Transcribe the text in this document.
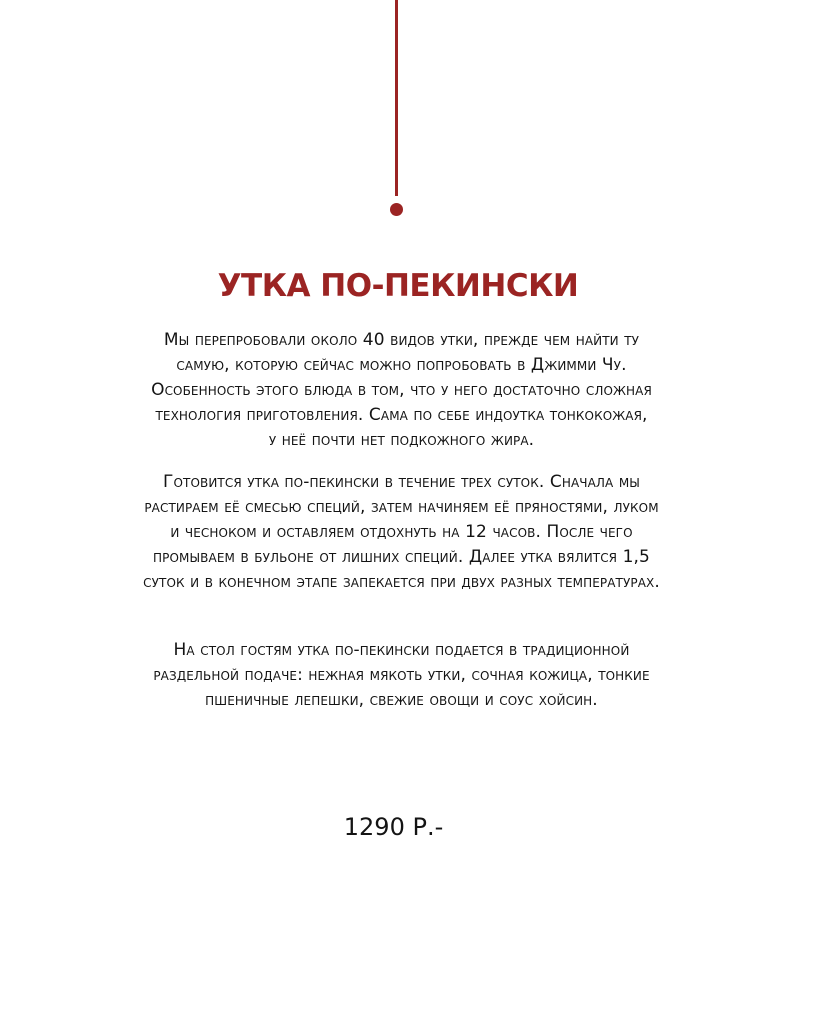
УТКА ПО-ПЕКИНСКИ
Мы перепробовали около 40 видов утки, прежде чем найти ту
самую, которую сейчас можно попробовать в Джимми Чу.
Особенность этого блюда в том, что у него достаточно сложная
технология приготовления. Сама по себе индоутка тонкокожая,
у неё почти нет подкожного жира.
Готовится утка по-пекински в течение трех суток. Сначала мы
растираем её смесью специй, затем начиняем её пряностями, луком
и чесноком и оставляем отдохнуть на 12 часов. После чего
промываем в бульоне от лишних специй. Далее утка вялится 1,5
суток и в конечном этапе запекается при двух разных температурах.
На стол гостям утка по-пекински подается в традиционной
раздельной подаче: нежная мякоть утки, сочная кожица, тонкие
пшеничные лепешки, свежие овощи и соус хойсин.
1290 Р.-
